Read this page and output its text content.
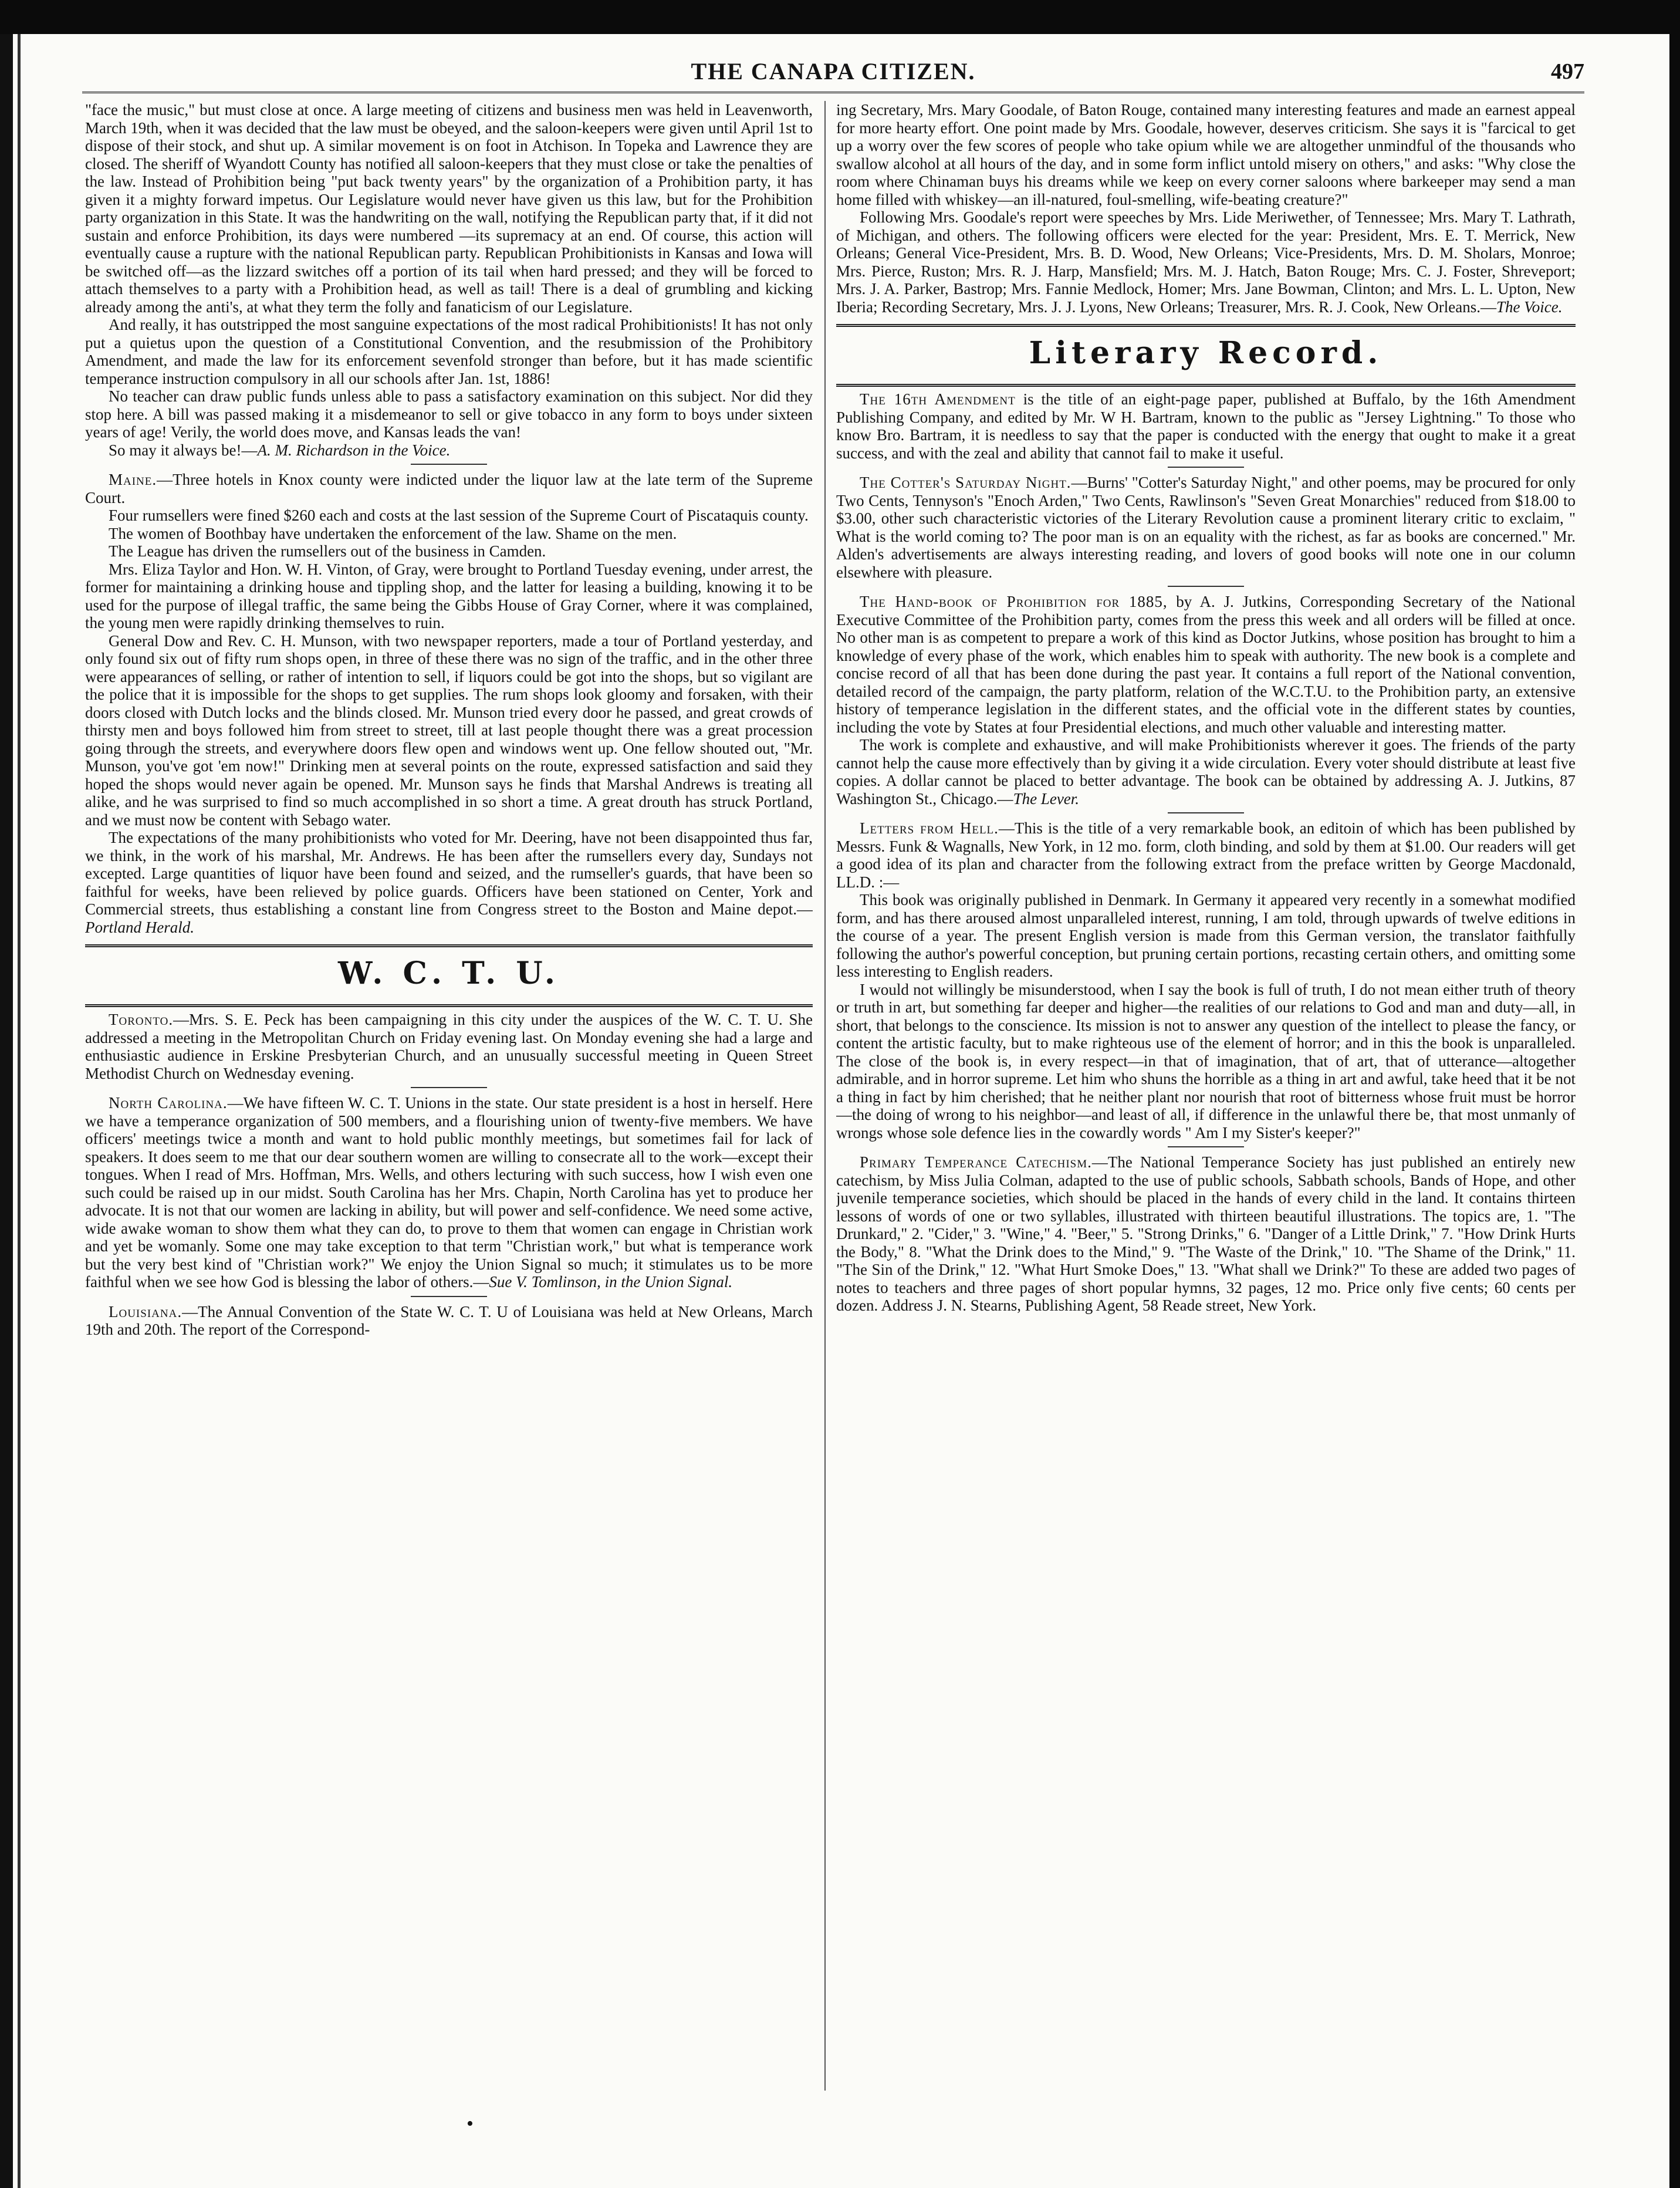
THE CANAPA CITIZEN.	497

"face the music," but must close at once. A large meeting of citizens and business men was held in Leavenworth, March 19th, when it was decided that the law must be obeyed, and the saloon-keepers were given until April 1st to dispose of their stock, and shut up. A similar movement is on foot in Atchison. In Topeka and Lawrence they are closed. The sheriff of Wyandott County has notified all saloon-keepers that they must close or take the penalties of the law. Instead of Prohibition being "put back twenty years" by the organization of a Prohibition party, it has given it a mighty forward impetus. Our Legislature would never have given us this law, but for the Prohibition party organization in this State. It was the handwriting on the wall, notifying the Republican party that, if it did not sustain and enforce Prohibition, its days were numbered —its supremacy at an end. Of course, this action will eventually cause a rupture with the national Republican party. Republican Prohibitionists in Kansas and Iowa will be switched off—as the lizzard switches off a portion of its tail when hard pressed; and they will be forced to attach themselves to a party with a Prohibition head, as well as tail! There is a deal of grumbling and kicking already among the anti's, at what they term the folly and fanaticism of our Legislature.

And really, it has outstripped the most sanguine expectations of the most radical Prohibitionists! It has not only put a quietus upon the question of a Constitutional Convention, and the resubmission of the Prohibitory Amendment, and made the law for its enforcement sevenfold stronger than before, but it has made scientific temperance instruction compulsory in all our schools after Jan. 1st, 1886!

No teacher can draw public funds unless able to pass a satisfactory examination on this subject. Nor did they stop here. A bill was passed making it a misdemeanor to sell or give tobacco in any form to boys under sixteen years of age! Verily, the world does move, and Kansas leads the van!

So may it always be!—A. M. Richardson in the Voice.

Maine.—Three hotels in Knox county were indicted under the liquor law at the late term of the Supreme Court.

Four rumsellers were fined $260 each and costs at the last session of the Supreme Court of Piscataquis county.

The women of Boothbay have undertaken the enforcement of the law. Shame on the men.

The League has driven the rumsellers out of the business in Camden.

Mrs. Eliza Taylor and Hon. W. H. Vinton, of Gray, were brought to Portland Tuesday evening, under arrest, the former for maintaining a drinking house and tippling shop, and the latter for leasing a building, knowing it to be used for the purpose of illegal traffic, the same being the Gibbs House of Gray Corner, where it was complained, the young men were rapidly drinking themselves to ruin.

General Dow and Rev. C. H. Munson, with two newspaper reporters, made a tour of Portland yesterday, and only found six out of fifty rum shops open, in three of these there was no sign of the traffic, and in the other three were appearances of selling, or rather of intention to sell, if liquors could be got into the shops, but so vigilant are the police that it is impossible for the shops to get supplies. The rum shops look gloomy and forsaken, with their doors closed with Dutch locks and the blinds closed. Mr. Munson tried every door he passed, and great crowds of thirsty men and boys followed him from street to street, till at last people thought there was a great procession going through the streets, and everywhere doors flew open and windows went up. One fellow shouted out, "Mr. Munson, you've got 'em now!" Drinking men at several points on the route, expressed satisfaction and said they hoped the shops would never again be opened. Mr. Munson says he finds that Marshal Andrews is treating all alike, and he was surprised to find so much accomplished in so short a time. A great drouth has struck Portland, and we must now be content with Sebago water.

The expectations of the many prohibitionists who voted for Mr. Deering, have not been disappointed thus far, we think, in the work of his marshal, Mr. Andrews. He has been after the rumsellers every day, Sundays not excepted. Large quantities of liquor have been found and seized, and the rumseller's guards, that have been so faithful for weeks, have been relieved by police guards. Officers have been stationed on Center, York and Commercial streets, thus establishing a constant line from Congress street to the Boston and Maine depot.—Portland Herald.

W. C. T. U.

Toronto.—Mrs. S. E. Peck has been campaigning in this city under the auspices of the W. C. T. U. She addressed a meeting in the Metropolitan Church on Friday evening last. On Monday evening she had a large and enthusiastic audience in Erskine Presbyterian Church, and an unusually successful meeting in Queen Street Methodist Church on Wednesday evening.

North Carolina.—We have fifteen W. C. T. Unions in the state. Our state president is a host in herself. Here we have a temperance organization of 500 members, and a flourishing union of twenty-five members. We have officers' meetings twice a month and want to hold public monthly meetings, but sometimes fail for lack of speakers. It does seem to me that our dear southern women are willing to consecrate all to the work—except their tongues. When I read of Mrs. Hoffman, Mrs. Wells, and others lecturing with such success, how I wish even one such could be raised up in our midst. South Carolina has her Mrs. Chapin, North Carolina has yet to produce her advocate. It is not that our women are lacking in ability, but will power and self-confidence. We need some active, wide awake woman to show them what they can do, to prove to them that women can engage in Christian work and yet be womanly. Some one may take exception to that term "Christian work," but what is temperance work but the very best kind of "Christian work?" We enjoy the Union Signal so much; it stimulates us to be more faithful when we see how God is blessing the labor of others.—Sue V. Tomlinson, in the Union Signal.

Louisiana.—The Annual Convention of the State W. C. T. U of Louisiana was held at New Orleans, March 19th and 20th. The report of the Correspond-

ing Secretary, Mrs. Mary Goodale, of Baton Rouge, contained many interesting features and made an earnest appeal for more hearty effort. One point made by Mrs. Goodale, however, deserves criticism. She says it is "farcical to get up a worry over the few scores of people who take opium while we are altogether unmindful of the thousands who swallow alcohol at all hours of the day, and in some form inflict untold misery on others," and asks: "Why close the room where Chinaman buys his dreams while we keep on every corner saloons where barkeeper may send a man home filled with whiskey—an ill-natured, foul-smelling, wife-beating creature?"

Following Mrs. Goodale's report were speeches by Mrs. Lide Meriwether, of Tennessee; Mrs. Mary T. Lathrath, of Michigan, and others. The following officers were elected for the year: President, Mrs. E. T. Merrick, New Orleans; General Vice-President, Mrs. B. D. Wood, New Orleans; Vice-Presidents, Mrs. D. M. Sholars, Monroe; Mrs. Pierce, Ruston; Mrs. R. J. Harp, Mansfield; Mrs. M. J. Hatch, Baton Rouge; Mrs. C. J. Foster, Shreveport; Mrs. J. A. Parker, Bastrop; Mrs. Fannie Medlock, Homer; Mrs. Jane Bowman, Clinton; and Mrs. L. L. Upton, New Iberia; Recording Secretary, Mrs. J. J. Lyons, New Orleans; Treasurer, Mrs. R. J. Cook, New Orleans.—The Voice.

Literary Record.

The 16th Amendment is the title of an eight-page paper, published at Buffalo, by the 16th Amendment Publishing Company, and edited by Mr. W H. Bartram, known to the public as "Jersey Lightning." To those who know Bro. Bartram, it is needless to say that the paper is conducted with the energy that ought to make it a great success, and with the zeal and ability that cannot fail to make it useful.

The Cotter's Saturday Night.—Burns' "Cotter's Saturday Night," and other poems, may be procured for only Two Cents, Tennyson's "Enoch Arden," Two Cents, Rawlinson's "Seven Great Monarchies" reduced from $18.00 to $3.00, other such characteristic victories of the Literary Revolution cause a prominent literary critic to exclaim, " What is the world coming to? The poor man is on an equality with the richest, as far as books are concerned." Mr. Alden's advertisements are always interesting reading, and lovers of good books will note one in our column elsewhere with pleasure.

The Hand-book of Prohibition for 1885, by A. J. Jutkins, Corresponding Secretary of the National Executive Committee of the Prohibition party, comes from the press this week and all orders will be filled at once. No other man is as competent to prepare a work of this kind as Doctor Jutkins, whose position has brought to him a knowledge of every phase of the work, which enables him to speak with authority. The new book is a complete and concise record of all that has been done during the past year. It contains a full report of the National convention, detailed record of the campaign, the party platform, relation of the W.C.T.U. to the Prohibition party, an extensive history of temperance legislation in the different states, and the official vote in the different states by counties, including the vote by States at four Presidential elections, and much other valuable and interesting matter.

The work is complete and exhaustive, and will make Prohibitionists wherever it goes. The friends of the party cannot help the cause more effectively than by giving it a wide circulation. Every voter should distribute at least five copies. A dollar cannot be placed to better advantage. The book can be obtained by addressing A. J. Jutkins, 87 Washington St., Chicago.—The Lever.

Letters from Hell.—This is the title of a very remarkable book, an editoin of which has been published by Messrs. Funk & Wagnalls, New York, in 12 mo. form, cloth binding, and sold by them at $1.00. Our readers will get a good idea of its plan and character from the following extract from the preface written by George Macdonald, LL.D. :—

This book was originally published in Denmark. In Germany it appeared very recently in a somewhat modified form, and has there aroused almost unparalleled interest, running, I am told, through upwards of twelve editions in the course of a year. The present English version is made from this German version, the translator faithfully following the author's powerful conception, but pruning certain portions, recasting certain others, and omitting some less interesting to English readers.

I would not willingly be misunderstood, when I say the book is full of truth, I do not mean either truth of theory or truth in art, but something far deeper and higher—the realities of our relations to God and man and duty—all, in short, that belongs to the conscience. Its mission is not to answer any question of the intellect to please the fancy, or content the artistic faculty, but to make righteous use of the element of horror; and in this the book is unparalleled. The close of the book is, in every respect—in that of imagination, that of art, that of utterance—altogether admirable, and in horror supreme. Let him who shuns the horrible as a thing in art and awful, take heed that it be not a thing in fact by him cherished; that he neither plant nor nourish that root of bitterness whose fruit must be horror—the doing of wrong to his neighbor—and least of all, if difference in the unlawful there be, that most unmanly of wrongs whose sole defence lies in the cowardly words " Am I my Sister's keeper?"

Primary Temperance Catechism.—The National Temperance Society has just published an entirely new catechism, by Miss Julia Colman, adapted to the use of public schools, Sabbath schools, Bands of Hope, and other juvenile temperance societies, which should be placed in the hands of every child in the land. It contains thirteen lessons of words of one or two syllables, illustrated with thirteen beautiful illustrations. The topics are, 1. "The Drunkard," 2. "Cider," 3. "Wine," 4. "Beer," 5. "Strong Drinks," 6. "Danger of a Little Drink," 7. "How Drink Hurts the Body," 8. "What the Drink does to the Mind," 9. "The Waste of the Drink," 10. "The Shame of the Drink," 11. "The Sin of the Drink," 12. "What Hurt Smoke Does," 13. "What shall we Drink?" To these are added two pages of notes to teachers and three pages of short popular hymns, 32 pages, 12 mo. Price only five cents; 60 cents per dozen. Address J. N. Stearns, Publishing Agent, 58 Reade street, New York.

•
